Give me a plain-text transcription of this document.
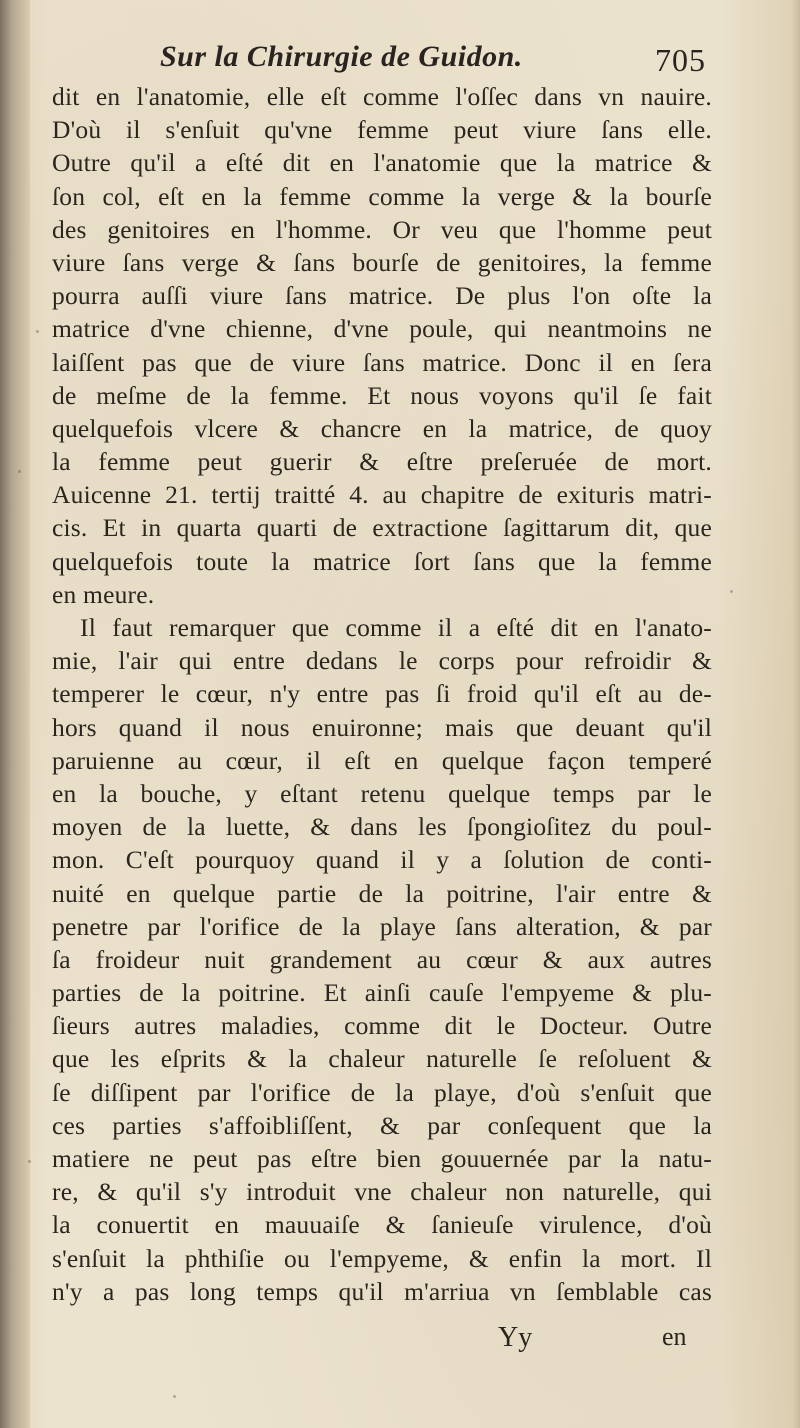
Sur la Chirurgie de Guidon.	705
dit en l'anatomie, elle eſt comme l'oſſec dans vn nauire.
D'où il s'enſuit qu'vne femme peut viure ſans elle.
Outre qu'il a eſté dit en l'anatomie que la matrice &
ſon col, eſt en la femme comme la verge & la bourſe
des genitoires en l'homme. Or veu que l'homme peut
viure ſans verge & ſans bourſe de genitoires, la femme
pourra auſſi viure ſans matrice. De plus l'on oſte la
matrice d'vne chienne, d'vne poule, qui neantmoins ne
laiſſent pas que de viure ſans matrice. Donc il en ſera
de meſme de la femme. Et nous voyons qu'il ſe fait
quelquefois vlcere & chancre en la matrice, de quoy
la femme peut guerir & eſtre preſeruée de mort.
Auicenne 21. tertij traitté 4. au chapitre de exituris matri-
cis. Et in quarta quarti de extractione ſagittarum dit, que
quelquefois toute la matrice ſort ſans que la femme
en meure.
Il faut remarquer que comme il a eſté dit en l'anato-
mie, l'air qui entre dedans le corps pour refroidir &
temperer le cœur, n'y entre pas ſi froid qu'il eſt au de-
hors quand il nous enuironne; mais que deuant qu'il
paruienne au cœur, il eſt en quelque façon temperé
en la bouche, y eſtant retenu quelque temps par le
moyen de la luette, & dans les ſpongioſitez du poul-
mon. C'eſt pourquoy quand il y a ſolution de conti-
nuité en quelque partie de la poitrine, l'air entre &
penetre par l'orifice de la playe ſans alteration, & par
ſa froideur nuit grandement au cœur & aux autres
parties de la poitrine. Et ainſi cauſe l'empyeme & plu-
ſieurs autres maladies, comme dit le Docteur. Outre
que les eſprits & la chaleur naturelle ſe reſoluent &
ſe diſſipent par l'orifice de la playe, d'où s'enſuit que
ces parties s'affoibliſſent, & par conſequent que la
matiere ne peut pas eſtre bien gouuernée par la natu-
re, & qu'il s'y introduit vne chaleur non naturelle, qui
la conuertit en mauuaiſe & ſanieuſe virulence, d'où
s'enſuit la phthiſie ou l'empyeme, & enfin la mort. Il
n'y a pas long temps qu'il m'arriua vn ſemblable cas
Yy	en
